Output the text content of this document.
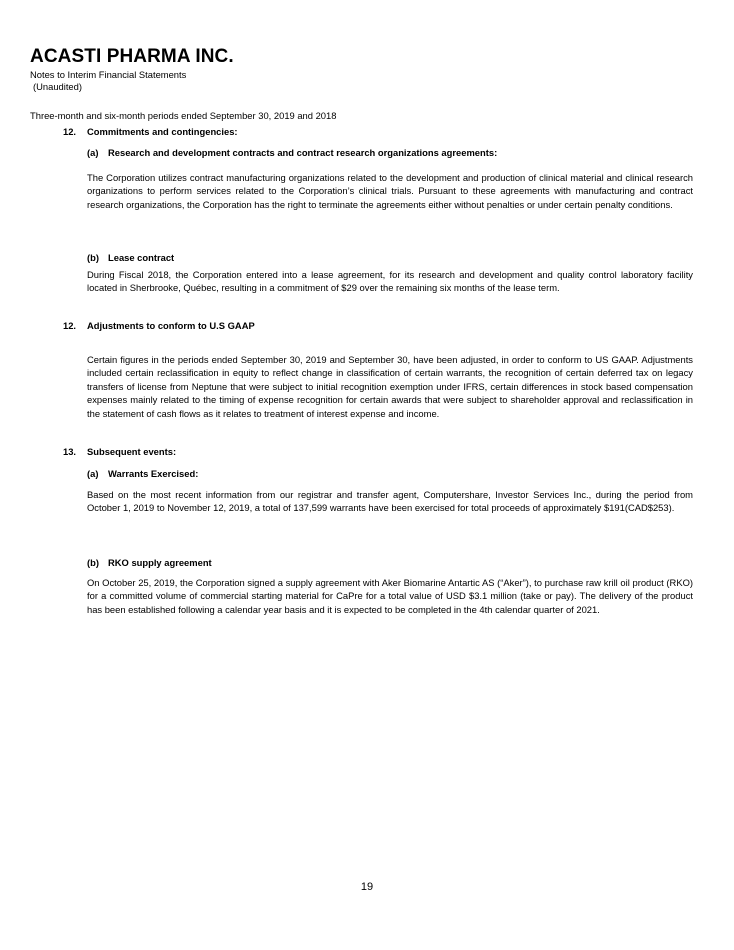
ACASTI PHARMA INC.
Notes to Interim Financial Statements
(Unaudited)
Three-month and six-month periods ended September 30, 2019 and 2018
12. Commitments and contingencies:
(a) Research and development contracts and contract research organizations agreements:
The Corporation utilizes contract manufacturing organizations related to the development and production of clinical material and clinical research organizations to perform services related to the Corporation’s clinical trials. Pursuant to these agreements with manufacturing and contract research organizations, the Corporation has the right to terminate the agreements either without penalties or under certain penalty conditions.
(b) Lease contract
During Fiscal 2018, the Corporation entered into a lease agreement, for its research and development and quality control laboratory facility located in Sherbrooke, Québec, resulting in a commitment of $29 over the remaining six months of the lease term.
12. Adjustments to conform to U.S GAAP
Certain figures in the periods ended September 30, 2019 and September 30, have been adjusted, in order to conform to US GAAP. Adjustments included certain reclassification in equity to reflect change in classification of certain warrants, the recognition of certain deferred tax on legacy transfers of license from Neptune that were subject to initial recognition exemption under IFRS, certain differences in stock based compensation expenses mainly related to the timing of expense recognition for certain awards that were subject to shareholder approval and reclassification in the statement of cash flows as it relates to treatment of interest expense and income.
13. Subsequent events:
(a) Warrants Exercised:
Based on the most recent information from our registrar and transfer agent, Computershare, Investor Services Inc., during the period from October 1, 2019 to November 12, 2019, a total of 137,599 warrants have been exercised for total proceeds of approximately $191(CAD$253).
(b) RKO supply agreement
On October 25, 2019, the Corporation signed a supply agreement with Aker Biomarine Antartic AS (“Aker”), to purchase raw krill oil product (RKO) for a committed volume of commercial starting material for CaPre for a total value of USD $3.1 million (take or pay). The delivery of the product has been established following a calendar year basis and it is expected to be completed in the 4th calendar quarter of 2021.
19
